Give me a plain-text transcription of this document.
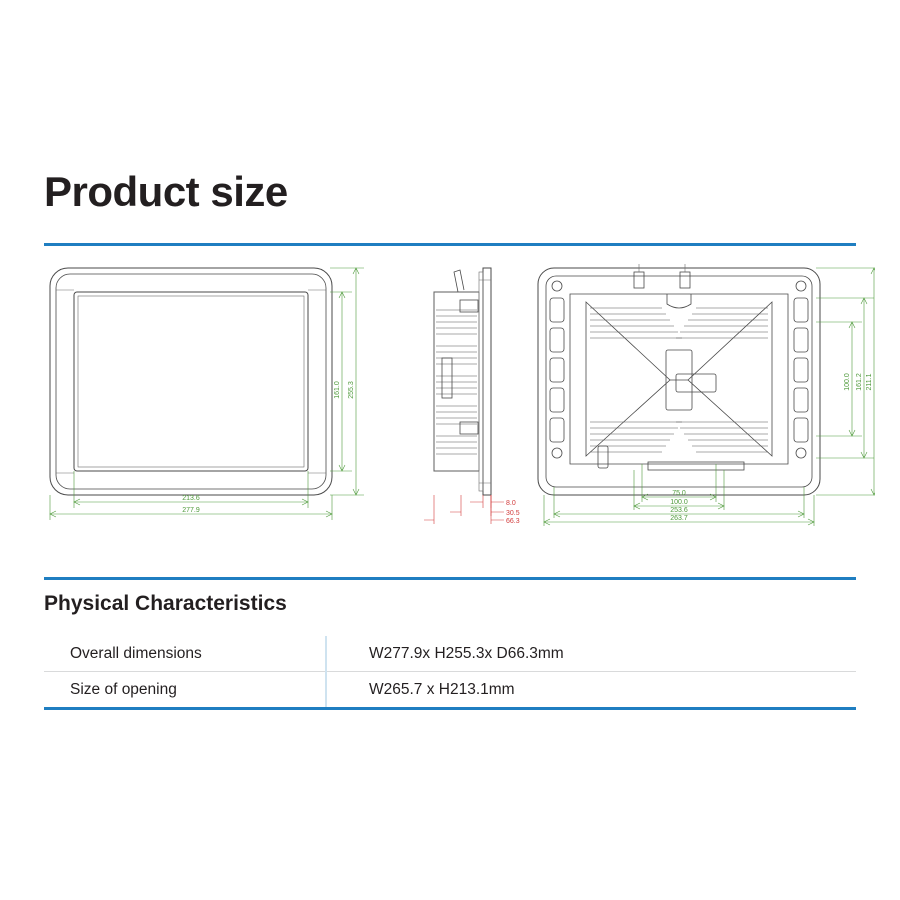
Product size
161.0 255.3
213.6
277.9
8.0
30.5
66.3
100.0 161.2 211.1
75.0
100.0
253.6
263.7
Physical Characteristics
Overall dimensions	W277.9x H255.3x D66.3mm
Size of opening	W265.7 x H213.1mm
